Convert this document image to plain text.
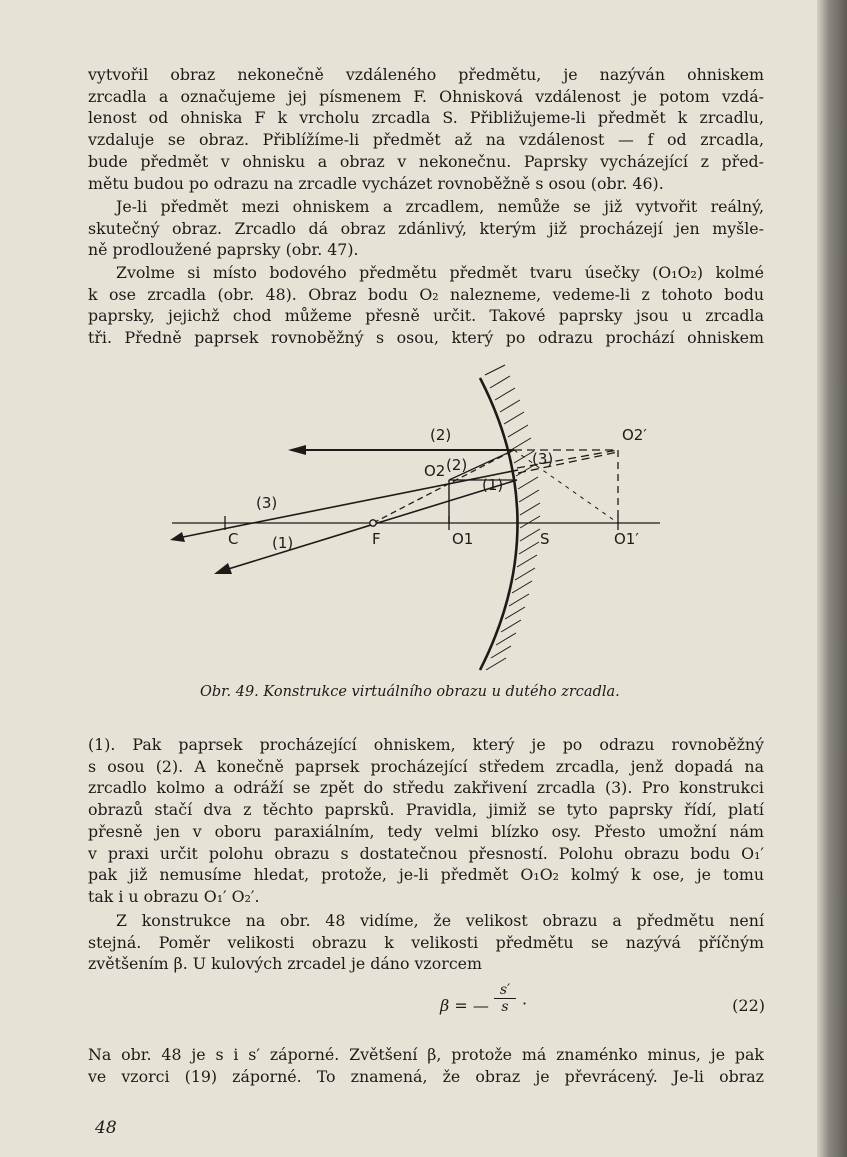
vytvořil obraz nekonečně vzdáleného předmětu, je nazýván ohniskem
zrcadla a označujeme jej písmenem F. Ohnisková vzdálenost je potom vzdá-
lenost od ohniska F k vrcholu zrcadla S. Přibližujeme-li předmět k zrcadlu,
vzdaluje se obraz. Přiblížíme-li předmět až na vzdálenost — f od zrcadla,
bude předmět v ohnisku a obraz v nekonečnu. Paprsky vycházející z před-
mětu budou po odrazu na zrcadle vycházet rovnoběžně s osou (obr. 46).
Je-li předmět mezi ohniskem a zrcadlem, nemůže se již vytvořit reálný,
skutečný obraz. Zrcadlo dá obraz zdánlivý, kterým již procházejí jen myšle-
ně prodloužené paprsky (obr. 47).
Zvolme si místo bodového předmětu předmět tvaru úsečky (O₁O₂) kolmé
k ose zrcadla (obr. 48). Obraz bodu O₂ nalezneme, vedeme-li z tohoto bodu
paprsky, jejichž chod můžeme přesně určit. Takové paprsky jsou u zrcadla
tři. Předně paprsek rovnoběžný s osou, který po odrazu prochází ohniskem
(2)
(2)
(1)
(3)
(3)
(1)
C	F	O1
O2
S	O1′
O2′
Obr. 49. Konstrukce virtuálního obrazu u dutého zrcadla.
(1). Pak paprsek procházející ohniskem, který je po odrazu rovnoběžný
s osou (2). A konečně paprsek procházející středem zrcadla, jenž dopadá na
zrcadlo kolmo a odráží se zpět do středu zakřivení zrcadla (3). Pro konstrukci
obrazů stačí dva z těchto paprsků. Pravidla, jimiž se tyto paprsky řídí, platí
přesně jen v oboru paraxiálním, tedy velmi blízko osy. Přesto umožní nám
v praxi určit polohu obrazu s dostatečnou přesností. Polohu obrazu bodu O₁′
pak již nemusíme hledat, protože, je-li předmět O₁O₂ kolmý k ose, je tomu
tak i u obrazu O₁′ O₂′.
Z konstrukce na obr. 48 vidíme, že velikost obrazu a předmětu není
stejná. Poměr velikosti obrazu k velikosti předmětu se nazývá příčným
zvětšením β. U kulových zrcadel je dáno vzorcem
β = — $\frac{s'}{s}$ ·	(22)
Na obr. 48 je s i s′ záporné. Zvětšení β, protože má znaménko minus, je pak
ve vzorci (19) záporné. To znamená, že obraz je převrácený. Je-li obraz
48
